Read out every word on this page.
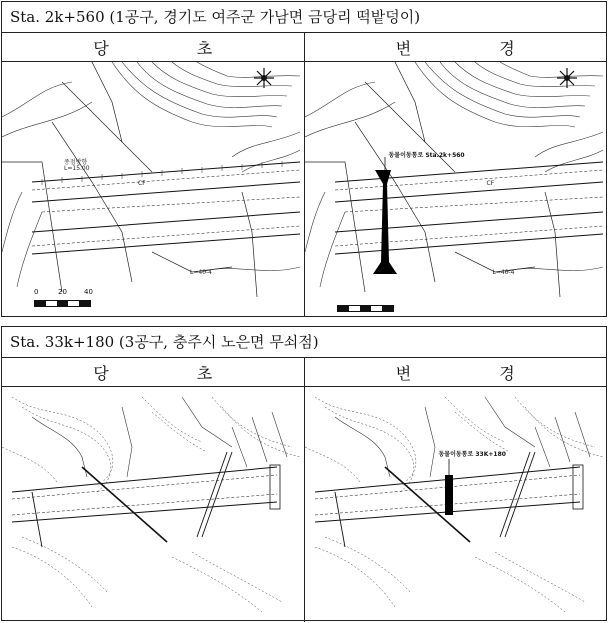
Sta. 2k+560 (1공구, 경기도 여주군 가남면 금당리 떡밭덩이)
당	초	변	경
종점방향
L=15.00
CF
L=40-4
0	20 40
동물이동통로 Sta.2k+560
CF
L=40-4
Sta. 33k+180 (3공구, 충주시 노은면 무쇠점)
당	초	변	경
동물이동통로 33K+180
